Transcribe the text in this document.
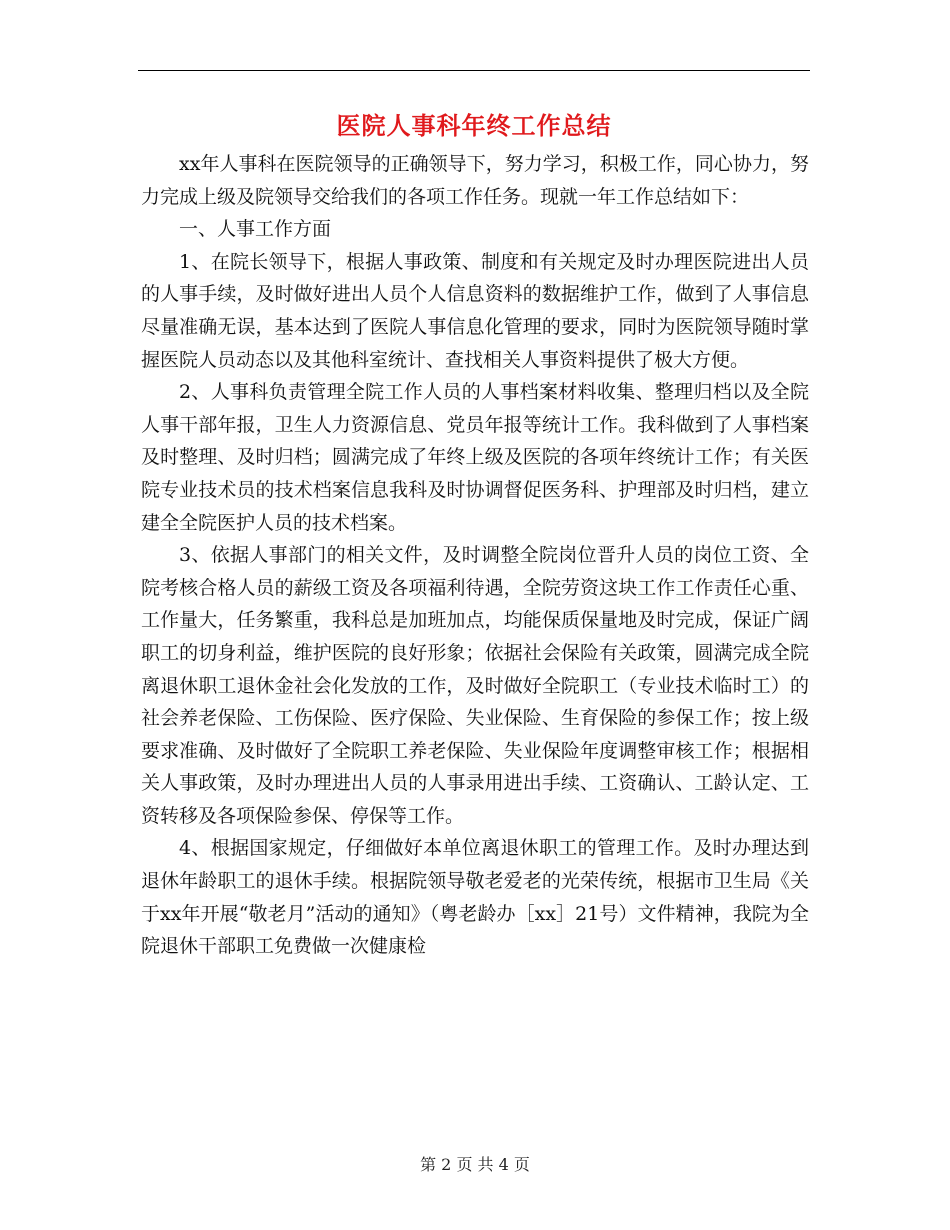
医院人事科年终工作总结

xx年人事科在医院领导的正确领导下，努力学习，积极工作，同心协力，努力完成上级及院领导交给我们的各项工作任务。现就一年工作总结如下：

一、人事工作方面

1、在院长领导下，根据人事政策、制度和有关规定及时办理医院进出人员的人事手续，及时做好进出人员个人信息资料的数据维护工作，做到了人事信息尽量准确无误，基本达到了医院人事信息化管理的要求，同时为医院领导随时掌握医院人员动态以及其他科室统计、查找相关人事资料提供了极大方便。

2、人事科负责管理全院工作人员的人事档案材料收集、整理归档以及全院人事干部年报，卫生人力资源信息、党员年报等统计工作。我科做到了人事档案及时整理、及时归档；圆满完成了年终上级及医院的各项年终统计工作；有关医院专业技术员的技术档案信息我科及时协调督促医务科、护理部及时归档，建立建全全院医护人员的技术档案。

3、依据人事部门的相关文件，及时调整全院岗位晋升人员的岗位工资、全院考核合格人员的薪级工资及各项福利待遇，全院劳资这块工作工作责任心重、工作量大，任务繁重，我科总是加班加点，均能保质保量地及时完成，保证广阔职工的切身利益，维护医院的良好形象；依据社会保险有关政策，圆满完成全院离退休职工退休金社会化发放的工作，及时做好全院职工（专业技术临时工）的社会养老保险、工伤保险、医疗保险、失业保险、生育保险的参保工作；按上级要求准确、及时做好了全院职工养老保险、失业保险年度调整审核工作；根据相关人事政策，及时办理进出人员的人事录用进出手续、工资确认、工龄认定、工资转移及各项保险参保、停保等工作。

4、根据国家规定，仔细做好本单位离退休职工的管理工作。及时办理达到退休年龄职工的退休手续。根据院领导敬老爱老的光荣传统，根据市卫生局《关于xx年开展“敬老月”活动的通知》（粤老龄办［xx］21号）文件精神，我院为全院退休干部职工免费做一次健康检

第 2 页 共 4 页
